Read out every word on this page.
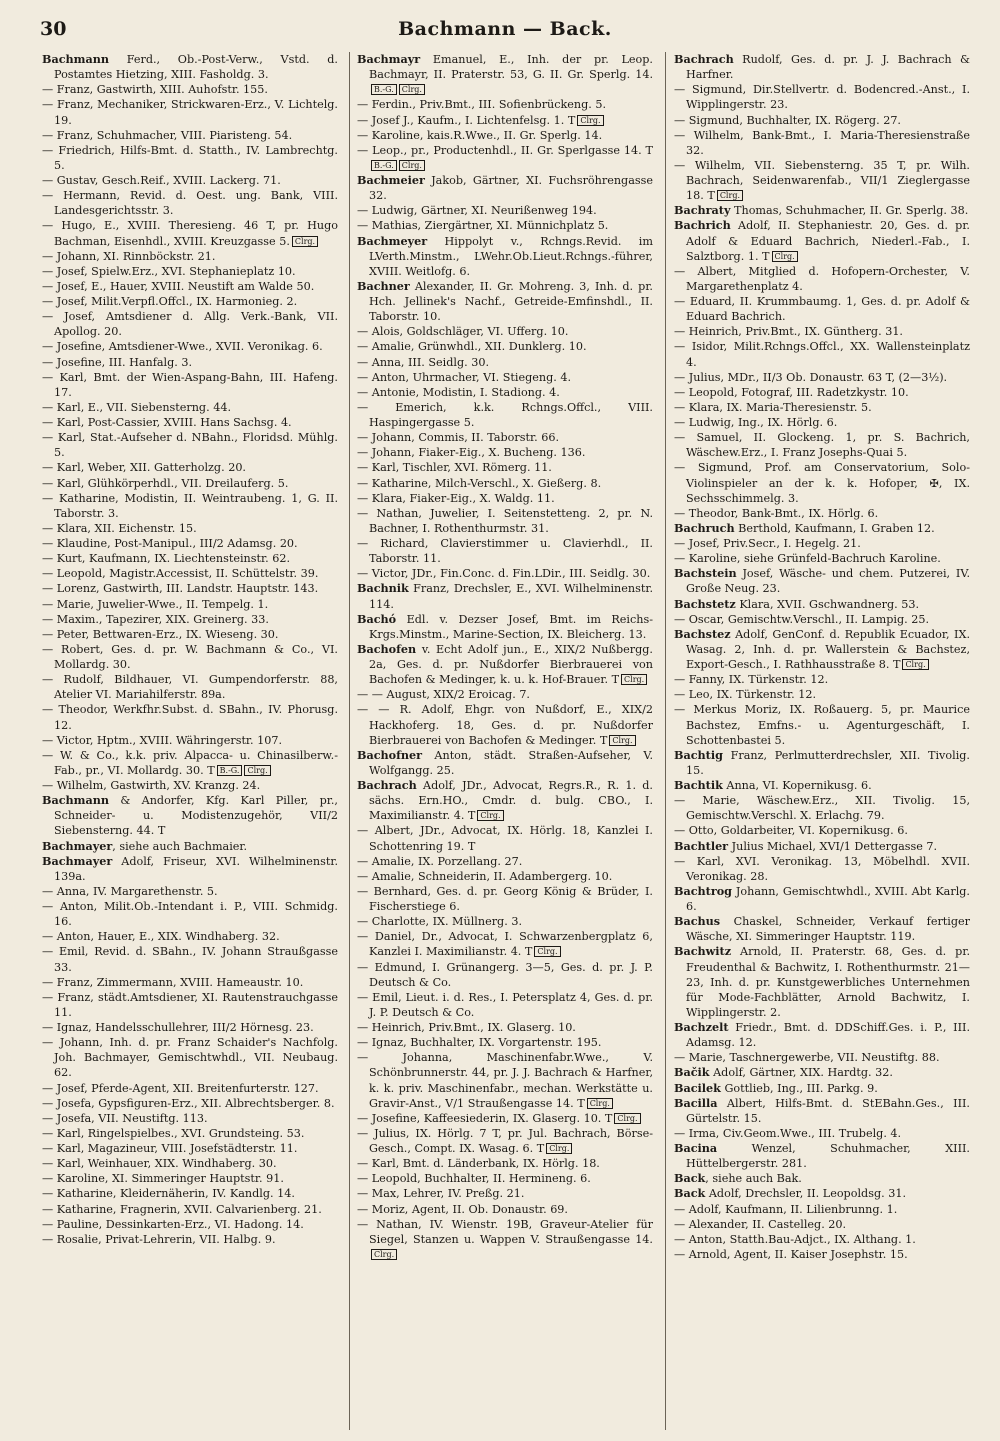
30	Bachmann — Back.

Bachmann Ferd., Ob.-Post-Verw., Vstd. d. Postamtes Hietzing, XIII. Fasholdg. 3.

— Franz, Gastwirth, XIII. Auhofstr. 155.

— Franz, Mechaniker, Strickwaren-Erz., V. Lichtelg. 19.

— Franz, Schuhmacher, VIII. Piaristeng. 54.

— Friedrich, Hilfs-Bmt. d. Statth., IV. Lambrechtg. 5.

— Gustav, Gesch.Reif., XVIII. Lackerg. 71.

— Hermann, Revid. d. Oest. ung. Bank, VIII. Landesgerichtsstr. 3.

— Hugo, E., XVIII. Theresieng. 46 T, pr. Hugo Bachman, Eisenhdl., XVIII. Kreuzgasse 5. Clrg.

— Johann, XI. Rinnböckstr. 21.

— Josef, Spielw.Erz., XVI. Stephanieplatz 10.

— Josef, E., Hauer, XVIII. Neustift am Walde 50.

— Josef, Milit.Verpfl.Offcl., IX. Harmonieg. 2.

— Josef, Amtsdiener d. Allg. Verk.-Bank, VII. Apollog. 20.

— Josefine, Amtsdiener-Wwe., XVII. Veronikag. 6.

— Josefine, III. Hanfalg. 3.

— Karl, Bmt. der Wien-Aspang-Bahn, III. Hafeng. 17.

— Karl, E., VII. Siebensterng. 44.

— Karl, Post-Cassier, XVIII. Hans Sachsg. 4.

— Karl, Stat.-Aufseher d. NBahn., Floridsd. Mühlg. 5.

— Karl, Weber, XII. Gatterholzg. 20.

— Karl, Glühkörperhdl., VII. Dreilauferg. 5.

— Katharine, Modistin, II. Weintraubeng. 1, G. II. Taborstr. 3.

— Klara, XII. Eichenstr. 15.

— Klaudine, Post-Manipul., III/2 Adamsg. 20.

— Kurt, Kaufmann, IX. Liechtensteinstr. 62.

— Leopold, Magistr.Accessist, II. Schüttelstr. 39.

— Lorenz, Gastwirth, III. Landstr. Hauptstr. 143.

— Marie, Juwelier-Wwe., II. Tempelg. 1.

— Maxim., Tapezirer, XIX. Greinerg. 33.

— Peter, Bettwaren-Erz., IX. Wieseng. 30.

— Robert, Ges. d. pr. W. Bachmann & Co., VI. Mollardg. 30.

— Rudolf, Bildhauer, VI. Gumpendorferstr. 88, Atelier VI. Mariahilferstr. 89a.

— Theodor, Werkfhr.Subst. d. SBahn., IV. Phorusg. 12.

— Victor, Hptm., XVIII. Währingerstr. 107.

— W. & Co., k.k. priv. Alpacca- u. Chinasilberw.-Fab., pr., VI. Mollardg. 30. T B.-G. Clrg.

— Wilhelm, Gastwirth, XV. Kranzg. 24.

Bachmann & Andorfer, Kfg. Karl Piller, pr., Schneider- u. Modistenzugehör, VII/2 Siebensterng. 44. T

Bachmayer, siehe auch Bachmaier.

Bachmayer Adolf, Friseur, XVI. Wilhelminenstr. 139a.

— Anna, IV. Margarethenstr. 5.

— Anton, Milit.Ob.-Intendant i. P., VIII. Schmidg. 16.

— Anton, Hauer, E., XIX. Windhaberg. 32.

— Emil, Revid. d. SBahn., IV. Johann Straußgasse 33.

— Franz, Zimmermann, XVIII. Hameaustr. 10.

— Franz, städt.Amtsdiener, XI. Rautenstrauchgasse 11.

— Ignaz, Handelsschullehrer, III/2 Hörnesg. 23.

— Johann, Inh. d. pr. Franz Schaider's Nachfolg. Joh. Bachmayer, Gemischtwhdl., VII. Neubaug. 62.

— Josef, Pferde-Agent, XII. Breitenfurterstr. 127.

— Josefa, Gypsfiguren-Erz., XII. Albrechtsberger. 8.

— Josefa, VII. Neustiftg. 113.

— Karl, Ringelspielbes., XVI. Grundsteing. 53.

— Karl, Magazineur, VIII. Josefstädterstr. 11.

— Karl, Weinhauer, XIX. Windhaberg. 30.

— Karoline, XI. Simmeringer Hauptstr. 91.

— Katharine, Kleidernäherin, IV. Kandlg. 14.

— Katharine, Fragnerin, XVII. Calvarienberg. 21.

— Pauline, Dessinkarten-Erz., VI. Hadong. 14.

— Rosalie, Privat-Lehrerin, VII. Halbg. 9.

Bachmayr Emanuel, E., Inh. der pr. Leop. Bachmayr, II. Praterstr. 53, G. II. Gr. Sperlg. 14.B.-G. Clrg.

— Ferdin., Priv.Bmt., III. Sofienbrückeng. 5.

— Josef J., Kaufm., I. Lichtenfelsg. 1. T Clrg.

— Karoline, kais.R.Wwe., II. Gr. Sperlg. 14.

— Leop., pr., Productenhdl., II. Gr. Sperlgasse 14. TB.-G. Clrg.

Bachmeier Jakob, Gärtner, XI. Fuchsröhrengasse 32.

— Ludwig, Gärtner, XI. Neurißenweg 194.

— Mathias, Ziergärtner, XI. Münnichplatz 5.

Bachmeyer Hippolyt v., Rchngs.Revid. im LVerth.Minstm., LWehr.Ob.Lieut.Rchngs.-führer, XVIII. Weitlofg. 6.

Bachner Alexander, II. Gr. Mohreng. 3, Inh. d. pr. Hch. Jellinek's Nachf., Getreide-Emfinshdl., II. Taborstr. 10.

— Alois, Goldschläger, VI. Ufferg. 10.

— Amalie, Grünwhdl., XII. Dunklerg. 10.

— Anna, III. Seidlg. 30.

— Anton, Uhrmacher, VI. Stiegeng. 4.

— Antonie, Modistin, I. Stadiong. 4.

— Emerich, k.k. Rchngs.Offcl., VIII. Haspingergasse 5.

— Johann, Commis, II. Taborstr. 66.

— Johann, Fiaker-Eig., X. Bucheng. 136.

— Karl, Tischler, XVI. Römerg. 11.

— Katharine, Milch-Verschl., X. Gießerg. 8.

— Klara, Fiaker-Eig., X. Waldg. 11.

— Nathan, Juwelier, I. Seitenstetteng. 2, pr. N. Bachner, I. Rothenthurmstr. 31.

— Richard, Clavierstimmer u. Clavierhdl., II. Taborstr. 11.

— Victor, JDr., Fin.Conc. d. Fin.LDir., III. Seidlg. 30.

Bachnik Franz, Drechsler, E., XVI. Wilhelminenstr. 114.

Bachó Edl. v. Dezser Josef, Bmt. im Reichs-Krgs.Minstm., Marine-Section, IX. Bleicherg. 13.

Bachofen v. Echt Adolf jun., E., XIX/2 Nußbergg. 2a, Ges. d. pr. Nußdorfer Bierbrauerei von Bachofen & Medinger, k. u. k. Hof-Brauer. T Clrg.

— — August, XIX/2 Eroicag. 7.

— — R. Adolf, Ehgr. von Nußdorf, E., XIX/2 Hackhoferg. 18, Ges. d. pr. Nußdorfer Bierbrauerei von Bachofen & Medinger. T Clrg.

Bachofner Anton, städt. Straßen-Aufseher, V. Wolfgangg. 25.

Bachrach Adolf, JDr., Advocat, Regrs.R., R. 1. d. sächs. Ern.HO., Cmdr. d. bulg. CBO., I. Maximilianstr. 4. T Clrg.

— Albert, JDr., Advocat, IX. Hörlg. 18, Kanzlei I. Schottenring 19. T

— Amalie, IX. Porzellang. 27.

— Amalie, Schneiderin, II. Adambergerg. 10.

— Bernhard, Ges. d. pr. Georg König & Brüder, I. Fischerstiege 6.

— Charlotte, IX. Müllnerg. 3.

— Daniel, Dr., Advocat, I. Schwarzenbergplatz 6, Kanzlei I. Maximilianstr. 4. T Clrg.

— Edmund, I. Grünangerg. 3—5, Ges. d. pr. J. P. Deutsch & Co.

— Emil, Lieut. i. d. Res., I. Petersplatz 4, Ges. d. pr. J. P. Deutsch & Co.

— Heinrich, Priv.Bmt., IX. Glaserg. 10.

— Ignaz, Buchhalter, IX. Vorgartenstr. 195.

— Johanna, Maschinenfabr.Wwe., V. Schönbrunnerstr. 44, pr. J. J. Bachrach & Harfner, k. k. priv. Maschinenfabr., mechan. Werkstätte u. Gravir-Anst., V/1 Straußengasse 14. T Clrg.

— Josefine, Kaffeesiederin, IX. Glaserg. 10. T Clrg.

— Julius, IX. Hörlg. 7 T, pr. Jul. Bachrach, Börse-Gesch., Compt. IX. Wasag. 6. T Clrg.

— Karl, Bmt. d. Länderbank, IX. Hörlg. 18.

— Leopold, Buchhalter, II. Hermineng. 6.

— Max, Lehrer, IV. Preßg. 21.

— Moriz, Agent, II. Ob. Donaustr. 69.

— Nathan, IV. Wienstr. 19B, Graveur-Atelier für Siegel, Stanzen u. Wappen V. Straußengasse 14.Clrg.

Bachrach Rudolf, Ges. d. pr. J. J. Bachrach & Harfner.

— Sigmund, Dir.Stellvertr. d. Bodencred.-Anst., I. Wipplingerstr. 23.

— Sigmund, Buchhalter, IX. Rögerg. 27.

— Wilhelm, Bank-Bmt., I. Maria-Theresienstraße 32.

— Wilhelm, VII. Siebensterng. 35 T, pr. Wilh. Bachrach, Seidenwarenfab., VII/1 Zieglergasse 18. T Clrg.

Bachraty Thomas, Schuhmacher, II. Gr. Sperlg. 38.

Bachrich Adolf, II. Stephaniestr. 20, Ges. d. pr. Adolf & Eduard Bachrich, Niederl.-Fab., I. Salztborg. 1. T Clrg.

— Albert, Mitglied d. Hofopern-Orchester, V. Margarethenplatz 4.

— Eduard, II. Krummbaumg. 1, Ges. d. pr. Adolf & Eduard Bachrich.

— Heinrich, Priv.Bmt., IX. Güntherg. 31.

— Isidor, Milit.Rchngs.Offcl., XX. Wallensteinplatz 4.

— Julius, MDr., II/3 Ob. Donaustr. 63 T, (2—3½).

— Leopold, Fotograf, III. Radetzkystr. 10.

— Klara, IX. Maria-Theresienstr. 5.

— Ludwig, Ing., IX. Hörlg. 6.

— Samuel, II. Glockeng. 1, pr. S. Bachrich, Wäschew.Erz., I. Franz Josephs-Quai 5.

— Sigmund, Prof. am Conservatorium, Solo-Violinspieler an der k. k. Hofoper, ✠, IX. Sechsschimmelg. 3.

— Theodor, Bank-Bmt., IX. Hörlg. 6.

Bachruch Berthold, Kaufmann, I. Graben 12.

— Josef, Priv.Secr., I. Hegelg. 21.

— Karoline, siehe Grünfeld-Bachruch Karoline.

Bachstein Josef, Wäsche- und chem. Putzerei, IV. Große Neug. 23.

Bachstetz Klara, XVII. Gschwandnerg. 53.

— Oscar, Gemischtw.Verschl., II. Lampig. 25.

Bachstez Adolf, GenConf. d. Republik Ecuador, IX. Wasag. 2, Inh. d. pr. Wallerstein & Bachstez, Export-Gesch., I. Rathhausstraße 8. T Clrg.

— Fanny, IX. Türkenstr. 12.

— Leo, IX. Türkenstr. 12.

— Merkus Moriz, IX. Roßauerg. 5, pr. Maurice Bachstez, Emfns.- u. Agenturgeschäft, I. Schottenbastei 5.

Bachtig Franz, Perlmutterdrechsler, XII. Tivolig. 15.

Bachtik Anna, VI. Kopernikusg. 6.

— Marie, Wäschew.Erz., XII. Tivolig. 15, Gemischtw.Verschl. X. Erlachg. 79.

— Otto, Goldarbeiter, VI. Kopernikusg. 6.

Bachtler Julius Michael, XVI/1 Dettergasse 7.

— Karl, XVI. Veronikag. 13, Möbelhdl. XVII. Veronikag. 28.

Bachtrog Johann, Gemischtwhdl., XVIII. Abt Karlg. 6.

Bachus Chaskel, Schneider, Verkauf fertiger Wäsche, XI. Simmeringer Hauptstr. 119.

Bachwitz Arnold, II. Praterstr. 68, Ges. d. pr. Freudenthal & Bachwitz, I. Rothenthurmstr. 21—23, Inh. d. pr. Kunstgewerbliches Unternehmen für Mode-Fachblätter, Arnold Bachwitz, I. Wipplingerstr. 2.

Bachzelt Friedr., Bmt. d. DDSchiff.Ges. i. P., III. Adamsg. 12.

— Marie, Taschnergewerbe, VII. Neustiftg. 88.

Bačik Adolf, Gärtner, XIX. Hardtg. 32.

Bacilek Gottlieb, Ing., III. Parkg. 9.

Bacilla Albert, Hilfs-Bmt. d. StEBahn.Ges., III. Gürtelstr. 15.

— Irma, Civ.Geom.Wwe., III. Trubelg. 4.

Bacina Wenzel, Schuhmacher, XIII. Hüttelbergerstr. 281.

Back, siehe auch Bak.

Back Adolf, Drechsler, II. Leopoldsg. 31.

— Adolf, Kaufmann, II. Lilienbrunng. 1.

— Alexander, II. Castelleg. 20.

— Anton, Statth.Bau-Adjct., IX. Althang. 1.

— Arnold, Agent, II. Kaiser Josephstr. 15.
